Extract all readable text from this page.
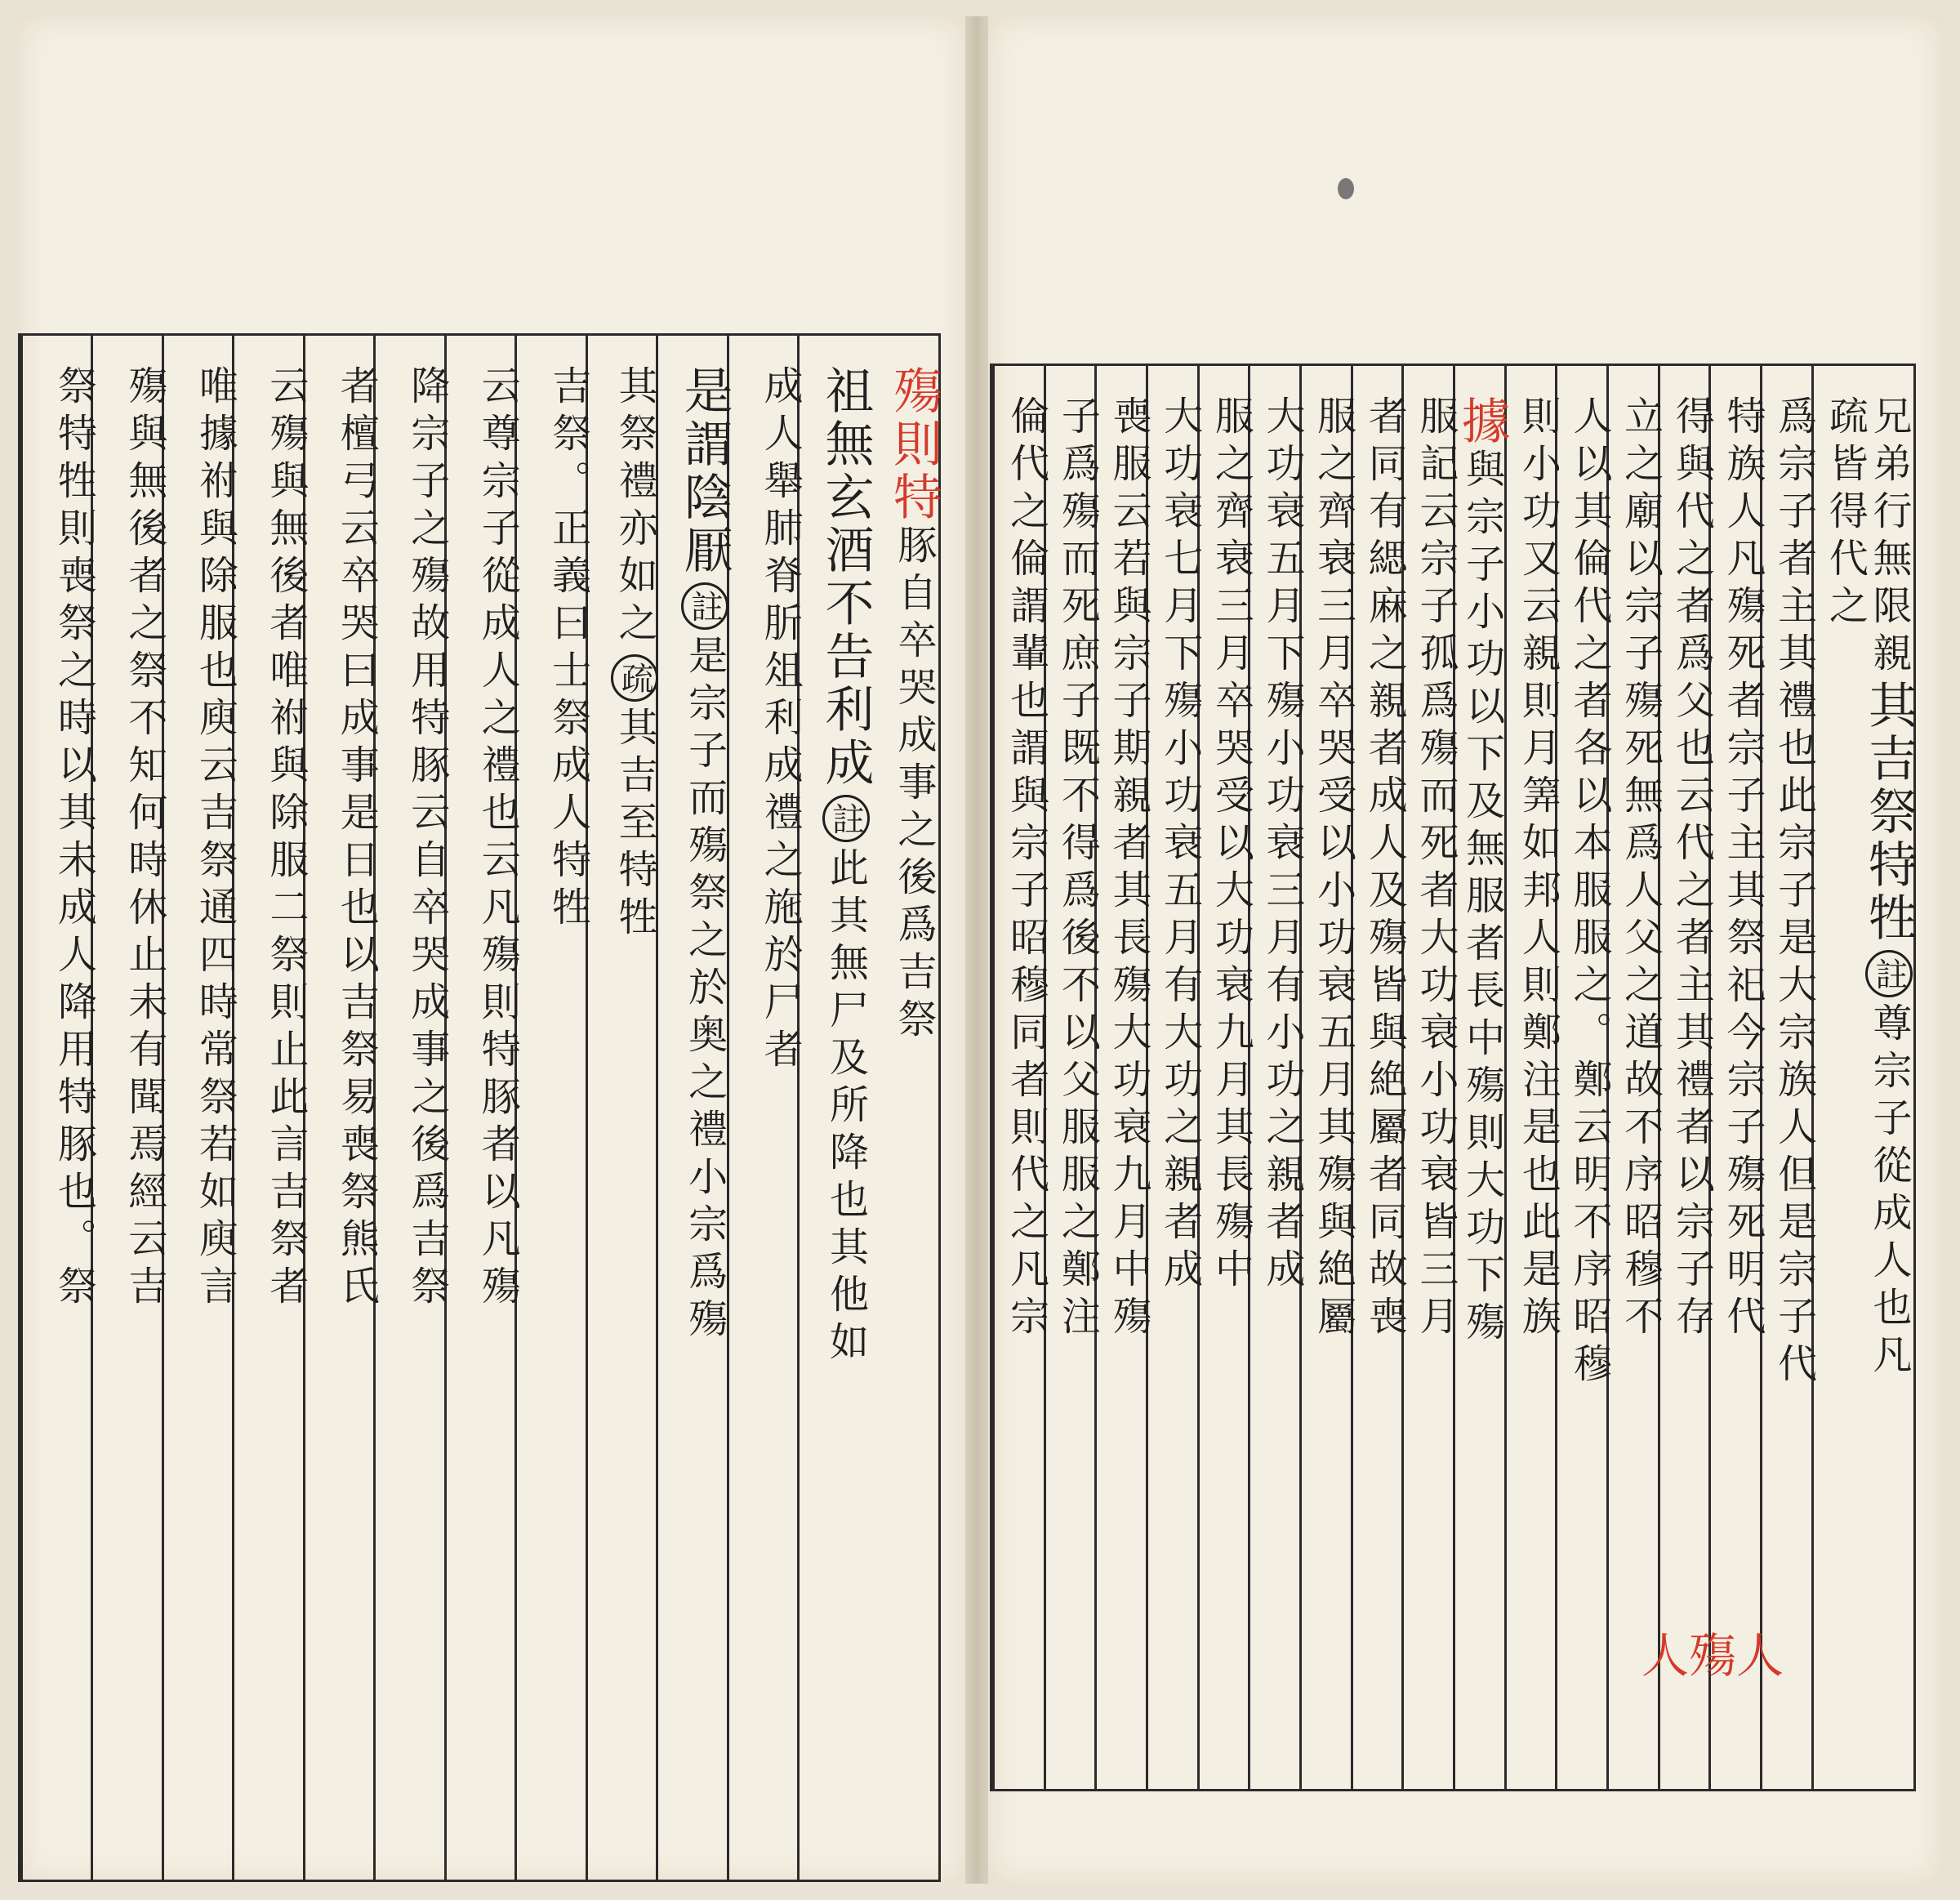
殤則特豚自卒哭成事之後爲吉祭
祖無玄酒不告利成註此其無尸及所降也其他如
成人舉肺脊肵俎利成禮之施於尸者
是謂陰厭註是宗子而殤祭之於奥之禮小宗爲殤
其祭禮亦如之疏其吉至特牲
吉祭。正義曰士祭成人特牲
云尊宗子從成人之禮也云凡殤則特豚者以凡殤
降宗子之殤故用特豚云自卒哭成事之後爲吉祭
者檀弓云卒哭曰成事是日也以吉祭易喪祭熊氏
云殤與無後者唯祔與除服二祭則止此言吉祭者
唯據祔與除服也庾云吉祭通四時常祭若如庾言
殤與無後者之祭不知何時休止未有聞焉經云吉
祭特牲則喪祭之時以其未成人降用特豚也。祭	兄弟行無限親其吉祭特牲註尊宗子從成人也凡
疏皆得代之
爲宗子者主其禮也此宗子是大宗族人但是宗子代
特族人凡殤死者宗子主其祭祀今宗子殤死明代
得與代之者爲父也云代之者主其禮者以宗子存
立之廟以宗子殤死無爲人父之道故不序昭穆不
人以其倫代之者各以本服服之。鄭云明不序昭穆
則小功又云親則月筭如邦人則鄭注是也此是族
據與宗子小功以下及無服者長中殤則大功下殤
服記云宗子孤爲殤而死者大功衰小功衰皆三月
者同有緦麻之親者成人及殤皆與絶屬者同故喪
服之齊衰三月卒哭受以小功衰五月其殤與絶屬
大功衰五月下殤小功衰三月有小功之親者成
服之齊衰三月卒哭受以大功衰九月其長殤中
大功衰七月下殤小功衰五月有大功之親者成
喪服云若與宗子期親者其長殤大功衰九月中殤
子爲殤而死庶子既不得爲後不以父服服之鄭注
倫代之倫謂輩也謂與宗子昭穆同者則代之凡宗
人殤人
